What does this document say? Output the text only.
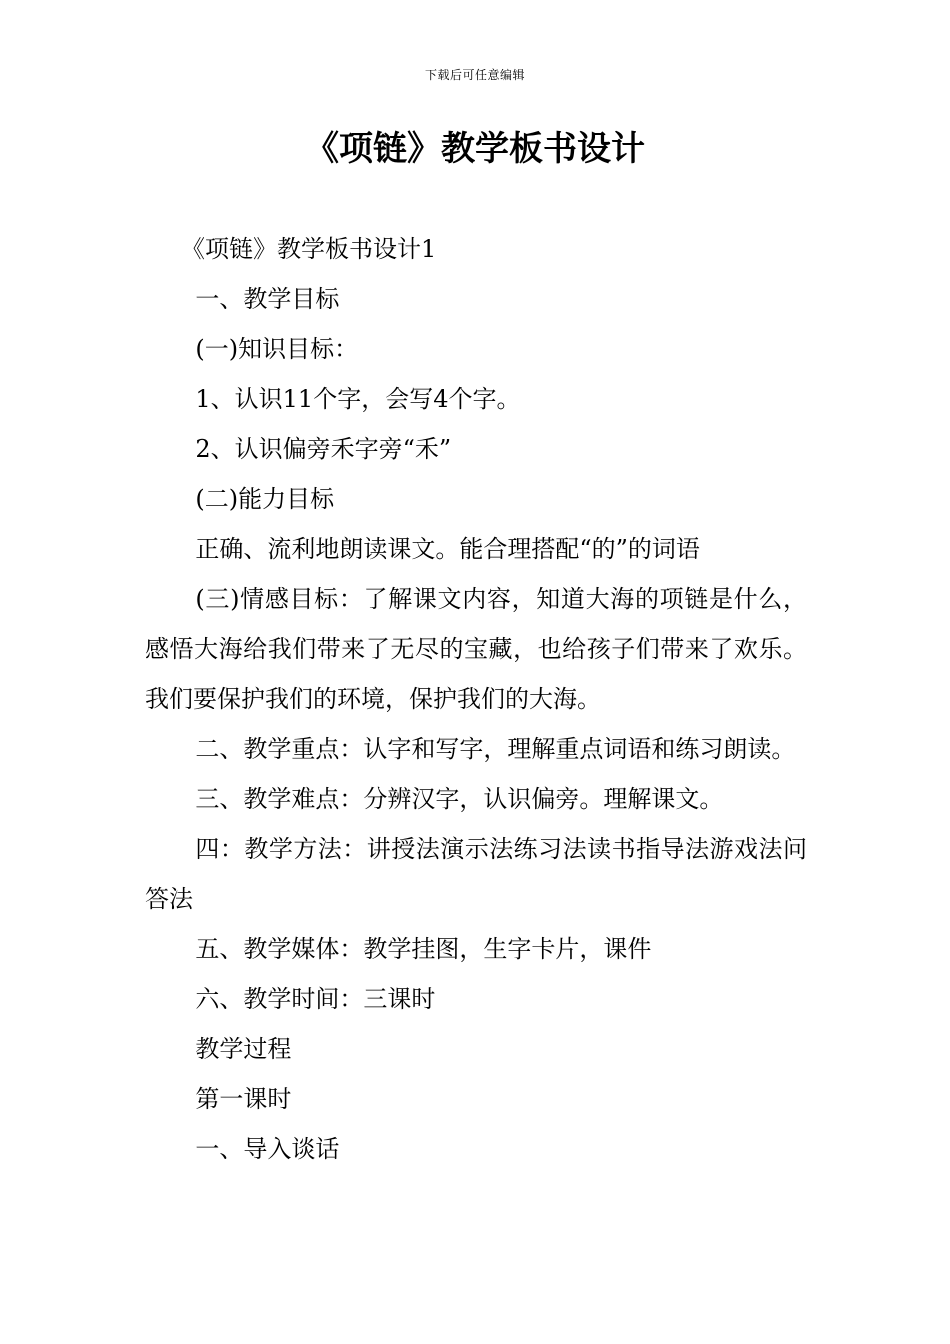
下载后可任意编辑
《项链》教学板书设计

《项链》教学板书设计1

一、教学目标

(一)知识目标：

1、认识11个字，会写4个字。

2、认识偏旁禾字旁“禾”

(二)能力目标

正确、流利地朗读课文。能合理搭配“的”的词语

(三)情感目标：了解课文内容，知道大海的项链是什么，感悟大海给我们带来了无尽的宝藏，也给孩子们带来了欢乐。我们要保护我们的环境，保护我们的大海。

二、教学重点：认字和写字，理解重点词语和练习朗读。

三、教学难点：分辨汉字，认识偏旁。理解课文。

四：教学方法：讲授法演示法练习法读书指导法游戏法问答法

五、教学媒体：教学挂图，生字卡片，课件

六、教学时间：三课时

教学过程

第一课时

一、导入谈话
